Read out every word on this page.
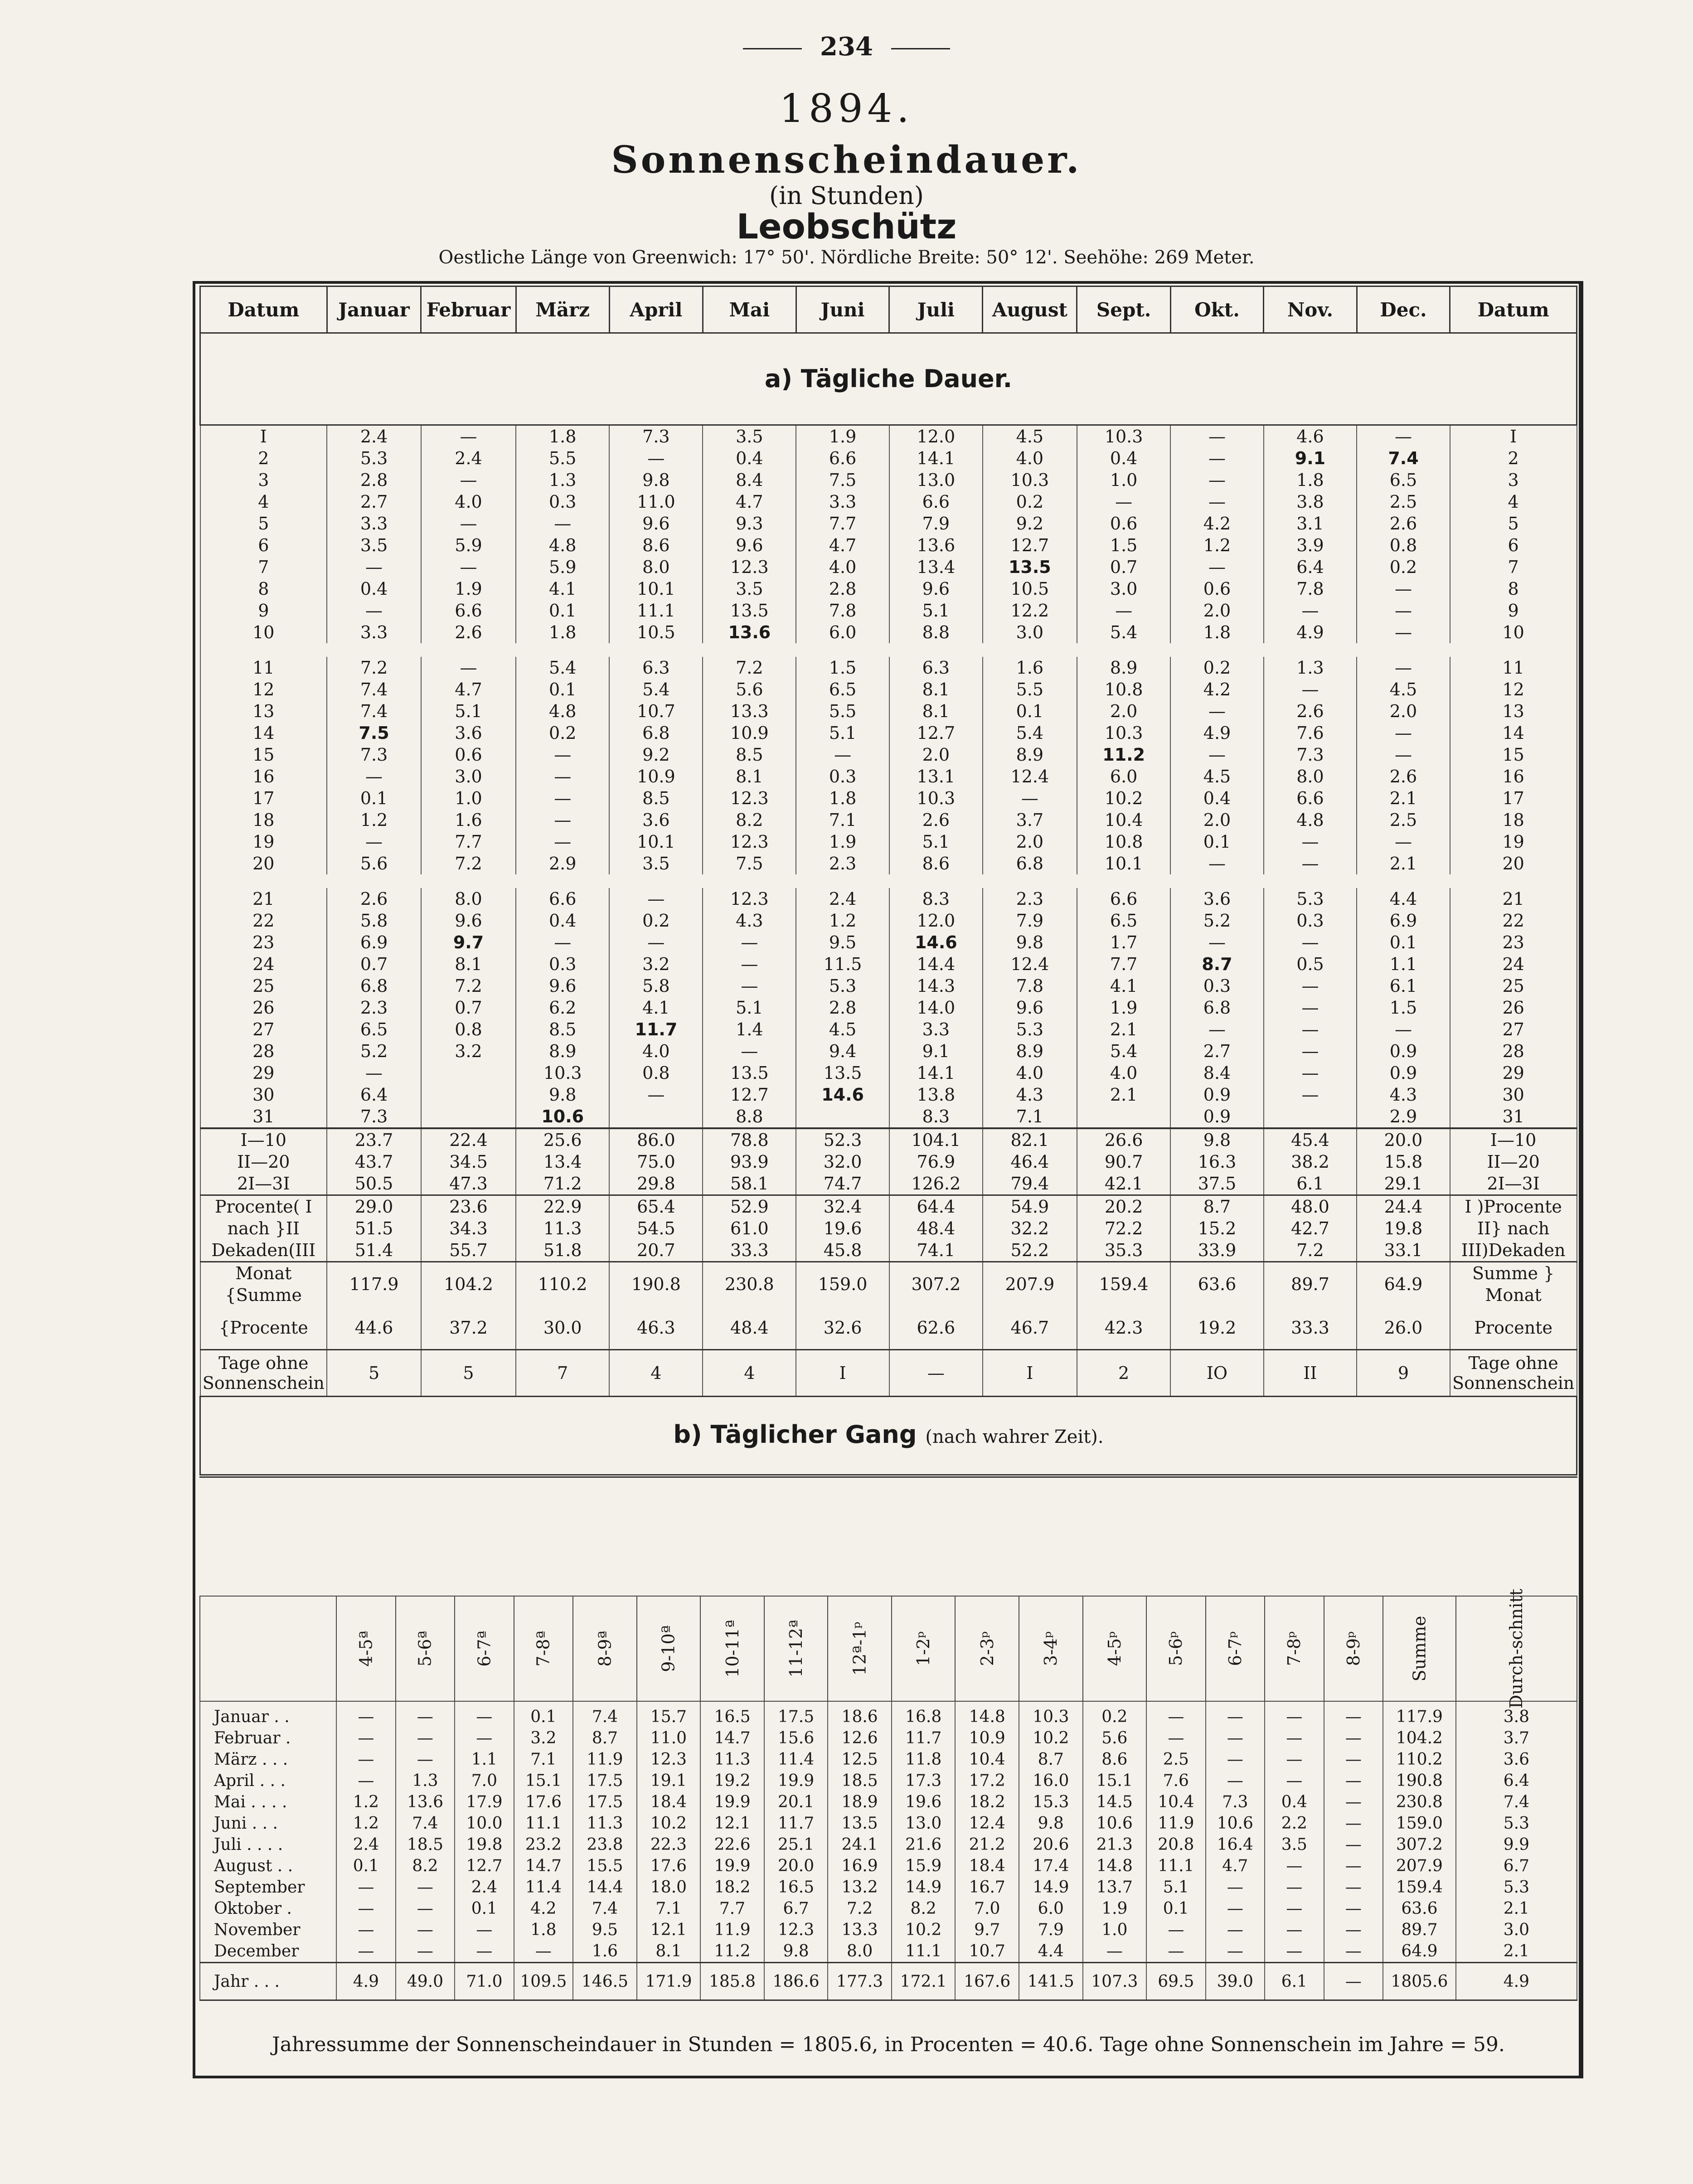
234
1894.
Sonnenscheindauer.
(in Stunden)
Leobschütz
Oestliche Länge von Greenwich: 17° 50'. Nördliche Breite: 50° 12'. Seehöhe: 269 Meter.
Datum	Januar	Februar	März	April	Mai	Juni	Juli	August	Sept.	Okt.	Nov.	Dec.	Datum
a) Tägliche Dauer.													
I	2.4	—	1.8	7.3	3.5	1.9	12.0	4.5	10.3	—	4.6	—	I
2	5.3	2.4	5.5	—	0.4	6.6	14.1	4.0	0.4	—	9.1	7.4	2
3	2.8	—	1.3	9.8	8.4	7.5	13.0	10.3	1.0	—	1.8	6.5	3
4	2.7	4.0	0.3	11.0	4.7	3.3	6.6	0.2	—	—	3.8	2.5	4
5	3.3	—	—	9.6	9.3	7.7	7.9	9.2	0.6	4.2	3.1	2.6	5
6	3.5	5.9	4.8	8.6	9.6	4.7	13.6	12.7	1.5	1.2	3.9	0.8	6
7	—	—	5.9	8.0	12.3	4.0	13.4	13.5	0.7	—	6.4	0.2	7
8	0.4	1.9	4.1	10.1	3.5	2.8	9.6	10.5	3.0	0.6	7.8	—	8
9	—	6.6	0.1	11.1	13.5	7.8	5.1	12.2	—	2.0	—	—	9
10	3.3	2.6	1.8	10.5	13.6	6.0	8.8	3.0	5.4	1.8	4.9	—	10

11	7.2	—	5.4	6.3	7.2	1.5	6.3	1.6	8.9	0.2	1.3	—	11
12	7.4	4.7	0.1	5.4	5.6	6.5	8.1	5.5	10.8	4.2	—	4.5	12
13	7.4	5.1	4.8	10.7	13.3	5.5	8.1	0.1	2.0	—	2.6	2.0	13
14	7.5	3.6	0.2	6.8	10.9	5.1	12.7	5.4	10.3	4.9	7.6	—	14
15	7.3	0.6	—	9.2	8.5	—	2.0	8.9	11.2	—	7.3	—	15
16	—	3.0	—	10.9	8.1	0.3	13.1	12.4	6.0	4.5	8.0	2.6	16
17	0.1	1.0	—	8.5	12.3	1.8	10.3	—	10.2	0.4	6.6	2.1	17
18	1.2	1.6	—	3.6	8.2	7.1	2.6	3.7	10.4	2.0	4.8	2.5	18
19	—	7.7	—	10.1	12.3	1.9	5.1	2.0	10.8	0.1	—	—	19
20	5.6	7.2	2.9	3.5	7.5	2.3	8.6	6.8	10.1	—	—	2.1	20

21	2.6	8.0	6.6	—	12.3	2.4	8.3	2.3	6.6	3.6	5.3	4.4	21
22	5.8	9.6	0.4	0.2	4.3	1.2	12.0	7.9	6.5	5.2	0.3	6.9	22
23	6.9	9.7	—	—	—	9.5	14.6	9.8	1.7	—	—	0.1	23
24	0.7	8.1	0.3	3.2	—	11.5	14.4	12.4	7.7	8.7	0.5	1.1	24
25	6.8	7.2	9.6	5.8	—	5.3	14.3	7.8	4.1	0.3	—	6.1	25
26	2.3	0.7	6.2	4.1	5.1	2.8	14.0	9.6	1.9	6.8	—	1.5	26
27	6.5	0.8	8.5	11.7	1.4	4.5	3.3	5.3	2.1	—	—	—	27
28	5.2	3.2	8.9	4.0	—	9.4	9.1	8.9	5.4	2.7	—	0.9	28
29	—		10.3	0.8	13.5	13.5	14.1	4.0	4.0	8.4	—	0.9	29
30	6.4		9.8	—	12.7	14.6	13.8	4.3	2.1	0.9	—	4.3	30
31	7.3		10.6		8.8		8.3	7.1		0.9		2.9	31
I—10	23.7	22.4	25.6	86.0	78.8	52.3	104.1	82.1	26.6	9.8	45.4	20.0	I—10
II—20	43.7	34.5	13.4	75.0	93.9	32.0	76.9	46.4	90.7	16.3	38.2	15.8	II—20
2I—3I	50.5	47.3	71.2	29.8	58.1	74.7	126.2	79.4	42.1	37.5	6.1	29.1	2I—3I
Procente( I	29.0	23.6	22.9	65.4	52.9	32.4	64.4	54.9	20.2	8.7	48.0	24.4	I )Procente
nach }II	51.5	34.3	11.3	54.5	61.0	19.6	48.4	32.2	72.2	15.2	42.7	19.8	II} nach
Dekaden(III	51.4	55.7	51.8	20.7	33.3	45.8	74.1	52.2	35.3	33.9	7.2	33.1	III)Dekaden
Monat {Summe	117.9	104.2	110.2	190.8	230.8	159.0	307.2	207.9	159.4	63.6	89.7	64.9	Summe } Monat
{Procente	44.6	37.2	30.0	46.3	48.4	32.6	62.6	46.7	42.3	19.2	33.3	26.0	Procente
Tage ohne Sonnenschein	5	5	7	4	4	I	—	I	2	IO	II	9	Tage ohne Sonnenschein
b) Täglicher Gang (nach wahrer Zeit).													
	4-5ª	5-6ª	6-7ª	7-8ª	8-9ª	9-10ª	10-11ª	11-12ª	12ª-1ᵖ	1-2ᵖ	2-3ᵖ	3-4ᵖ	4-5ᵖ	5-6ᵖ	6-7ᵖ	7-8ᵖ	8-9ᵖ	Summe	Durch-schnitt
Januar . .	—	—	—	0.1	7.4	15.7	16.5	17.5	18.6	16.8	14.8	10.3	0.2	—	—	—	—	117.9	3.8
Februar .	—	—	—	3.2	8.7	11.0	14.7	15.6	12.6	11.7	10.9	10.2	5.6	—	—	—	—	104.2	3.7
März . . .	—	—	1.1	7.1	11.9	12.3	11.3	11.4	12.5	11.8	10.4	8.7	8.6	2.5	—	—	—	110.2	3.6
April . . .	—	1.3	7.0	15.1	17.5	19.1	19.2	19.9	18.5	17.3	17.2	16.0	15.1	7.6	—	—	—	190.8	6.4
Mai . . . .	1.2	13.6	17.9	17.6	17.5	18.4	19.9	20.1	18.9	19.6	18.2	15.3	14.5	10.4	7.3	0.4	—	230.8	7.4
Juni . . .	1.2	7.4	10.0	11.1	11.3	10.2	12.1	11.7	13.5	13.0	12.4	9.8	10.6	11.9	10.6	2.2	—	159.0	5.3
Juli . . . .	2.4	18.5	19.8	23.2	23.8	22.3	22.6	25.1	24.1	21.6	21.2	20.6	21.3	20.8	16.4	3.5	—	307.2	9.9
August . .	0.1	8.2	12.7	14.7	15.5	17.6	19.9	20.0	16.9	15.9	18.4	17.4	14.8	11.1	4.7	—	—	207.9	6.7
September	—	—	2.4	11.4	14.4	18.0	18.2	16.5	13.2	14.9	16.7	14.9	13.7	5.1	—	—	—	159.4	5.3
Oktober .	—	—	0.1	4.2	7.4	7.1	7.7	6.7	7.2	8.2	7.0	6.0	1.9	0.1	—	—	—	63.6	2.1
November	—	—	—	1.8	9.5	12.1	11.9	12.3	13.3	10.2	9.7	7.9	1.0	—	—	—	—	89.7	3.0
December	—	—	—	—	1.6	8.1	11.2	9.8	8.0	11.1	10.7	4.4	—	—	—	—	—	64.9	2.1
Jahr . . .	4.9	49.0	71.0	109.5	146.5	171.9	185.8	186.6	177.3	172.1	167.6	141.5	107.3	69.5	39.0	6.1	—	1805.6	4.9
Jahressumme der Sonnenscheindauer in Stunden = 1805.6, in Procenten = 40.6. Tage ohne Sonnenschein im Jahre = 59.
